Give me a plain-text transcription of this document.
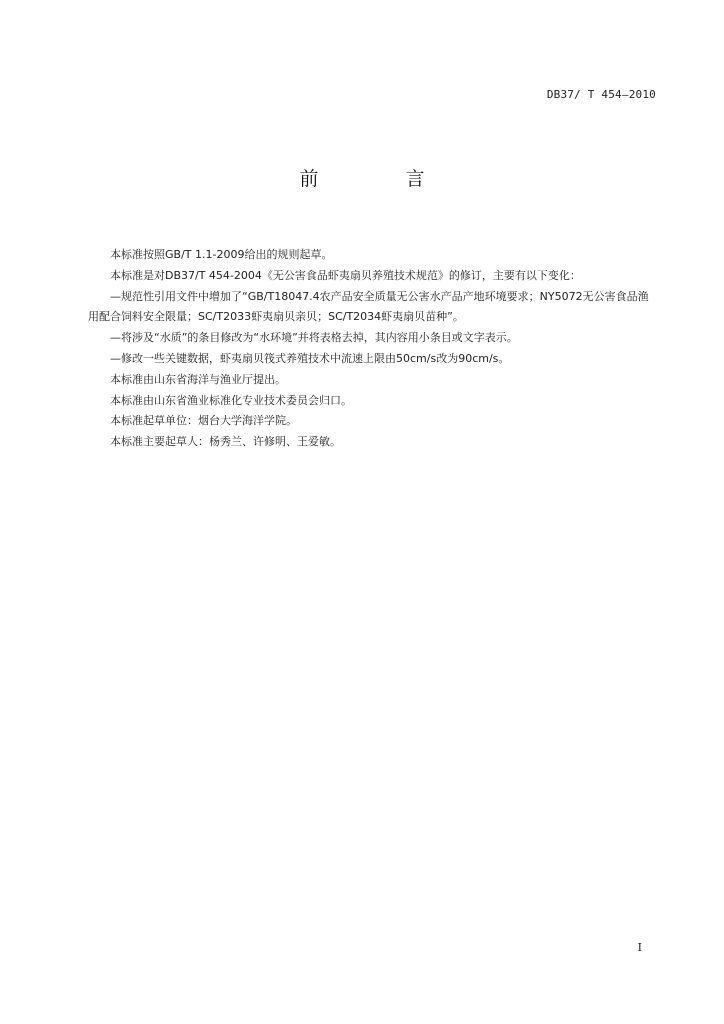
DB37/ T 454—2010
前　言

本标准按照GB/T 1.1-2009给出的规则起草。

本标准是对DB37/T 454-2004《无公害食品虾夷扇贝养殖技术规范》的修订，主要有以下变化：

—规范性引用文件中增加了“GB/T18047.4农产品安全质量无公害水产品产地环境要求；NY5072无公害食品渔用配合饲料安全限量；SC/T2033虾夷扇贝亲贝；SC/T2034虾夷扇贝苗种”。

—将涉及“水质”的条目修改为“水环境”并将表格去掉，其内容用小条目或文字表示。

—修改一些关键数据，虾夷扇贝筏式养殖技术中流速上限由50cm/s改为90cm/s。

本标准由山东省海洋与渔业厅提出。

本标准由山东省渔业标准化专业技术委员会归口。

本标准起草单位：烟台大学海洋学院。

本标准主要起草人：杨秀兰、许修明、王爱敏。

I
